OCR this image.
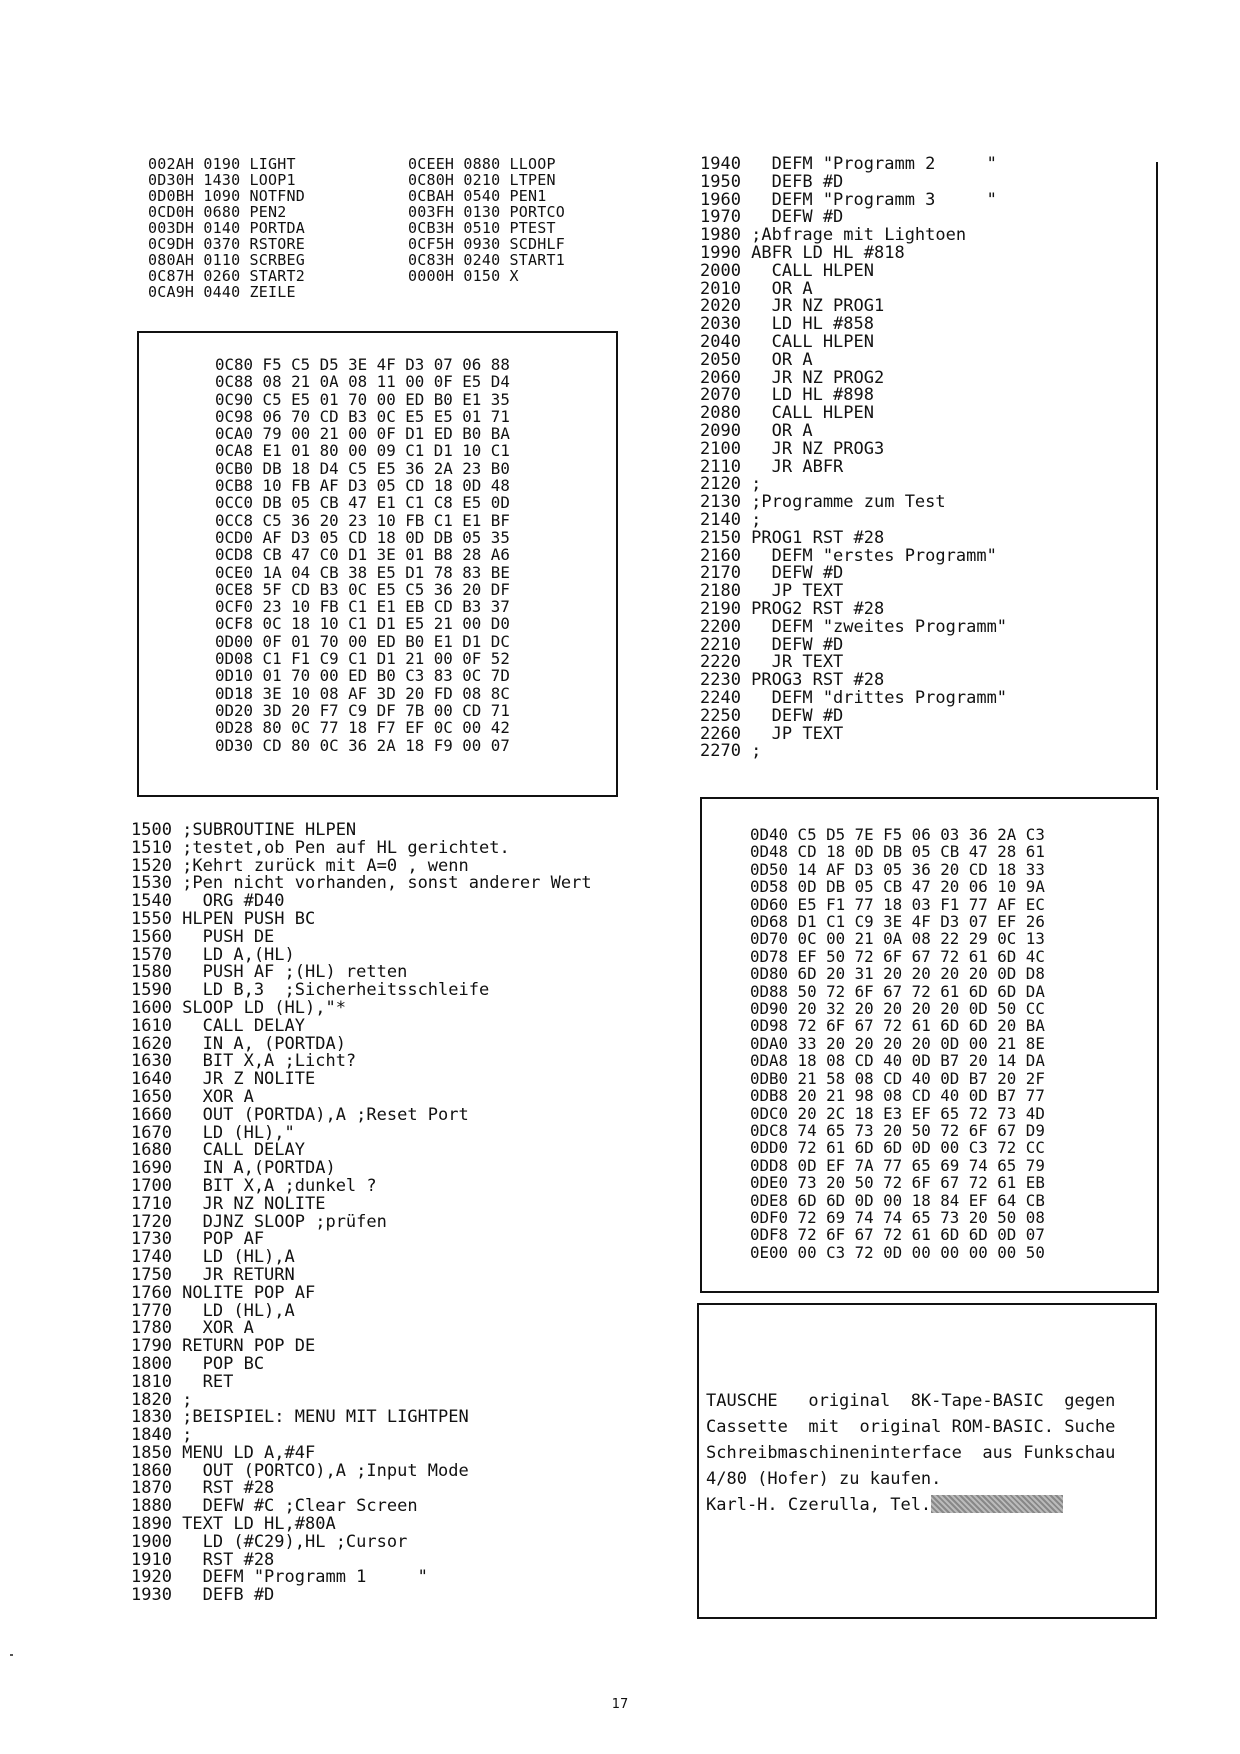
002AH 0190 LIGHT	0CEEH 0880 LLOOP
0D30H 1430 LOOP1	0C80H 0210 LTPEN
0D0BH 1090 NOTFND	0CBAH 0540 PEN1
0CD0H 0680 PEN2	003FH 0130 PORTCO
003DH 0140 PORTDA	0CB3H 0510 PTEST
0C9DH 0370 RSTORE	0CF5H 0930 SCDHLF
080AH 0110 SCRBEG	0C83H 0240 START1
0C87H 0260 START2	0000H 0150 X
0CA9H 0440 ZEILE
0C80 F5 C5 D5 3E 4F D3 07 06 88
0C88 08 21 0A 08 11 00 0F E5 D4
0C90 C5 E5 01 70 00 ED B0 E1 35
0C98 06 70 CD B3 0C E5 E5 01 71
0CA0 79 00 21 00 0F D1 ED B0 BA
0CA8 E1 01 80 00 09 C1 D1 10 C1
0CB0 DB 18 D4 C5 E5 36 2A 23 B0
0CB8 10 FB AF D3 05 CD 18 0D 48
0CC0 DB 05 CB 47 E1 C1 C8 E5 0D
0CC8 C5 36 20 23 10 FB C1 E1 BF
0CD0 AF D3 05 CD 18 0D DB 05 35
0CD8 CB 47 C0 D1 3E 01 B8 28 A6
0CE0 1A 04 CB 38 E5 D1 78 83 BE
0CE8 5F CD B3 0C E5 C5 36 20 DF
0CF0 23 10 FB C1 E1 EB CD B3 37
0CF8 0C 18 10 C1 D1 E5 21 00 D0
0D00 0F 01 70 00 ED B0 E1 D1 DC
0D08 C1 F1 C9 C1 D1 21 00 0F 52
0D10 01 70 00 ED B0 C3 83 0C 7D
0D18 3E 10 08 AF 3D 20 FD 08 8C
0D20 3D 20 F7 C9 DF 7B 00 CD 71
0D28 80 0C 77 18 F7 EF 0C 00 42
0D30 CD 80 0C 36 2A 18 F9 00 07
1500 ;SUBROUTINE HLPEN
1510 ;testet,ob Pen auf HL gerichtet.
1520 ;Kehrt zurück mit A=0 , wenn
1530 ;Pen nicht vorhanden, sonst anderer Wert
1540   ORG #D40
1550 HLPEN PUSH BC
1560   PUSH DE
1570   LD A,(HL)
1580   PUSH AF ;(HL) retten
1590   LD B,3  ;Sicherheitsschleife
1600 SLOOP LD (HL),"*
1610   CALL DELAY
1620   IN A, (PORTDA)
1630   BIT X,A ;Licht?
1640   JR Z NOLITE
1650   XOR A
1660   OUT (PORTDA),A ;Reset Port
1670   LD (HL),"
1680   CALL DELAY
1690   IN A,(PORTDA)
1700   BIT X,A ;dunkel ?
1710   JR NZ NOLITE
1720   DJNZ SLOOP ;prüfen
1730   POP AF
1740   LD (HL),A
1750   JR RETURN
1760 NOLITE POP AF
1770   LD (HL),A
1780   XOR A
1790 RETURN POP DE
1800   POP BC
1810   RET
1820 ;
1830 ;BEISPIEL: MENU MIT LIGHTPEN
1840 ;
1850 MENU LD A,#4F
1860   OUT (PORTCO),A ;Input Mode
1870   RST #28
1880   DEFW #C ;Clear Screen
1890 TEXT LD HL,#80A
1900   LD (#C29),HL ;Cursor
1910   RST #28
1920   DEFM "Programm 1     "
1930   DEFB #D
1940   DEFM "Programm 2     "
1950   DEFB #D
1960   DEFM "Programm 3     "
1970   DEFW #D
1980 ;Abfrage mit Lightoen
1990 ABFR LD HL #818
2000   CALL HLPEN
2010   OR A
2020   JR NZ PROG1
2030   LD HL #858
2040   CALL HLPEN
2050   OR A
2060   JR NZ PROG2
2070   LD HL #898
2080   CALL HLPEN
2090   OR A
2100   JR NZ PROG3
2110   JR ABFR
2120 ;
2130 ;Programme zum Test
2140 ;
2150 PROG1 RST #28
2160   DEFM "erstes Programm"
2170   DEFW #D
2180   JP TEXT
2190 PROG2 RST #28
2200   DEFM "zweites Programm"
2210   DEFW #D
2220   JR TEXT
2230 PROG3 RST #28
2240   DEFM "drittes Programm"
2250   DEFW #D
2260   JP TEXT
2270 ;
0D40 C5 D5 7E F5 06 03 36 2A C3
0D48 CD 18 0D DB 05 CB 47 28 61
0D50 14 AF D3 05 36 20 CD 18 33
0D58 0D DB 05 CB 47 20 06 10 9A
0D60 E5 F1 77 18 03 F1 77 AF EC
0D68 D1 C1 C9 3E 4F D3 07 EF 26
0D70 0C 00 21 0A 08 22 29 0C 13
0D78 EF 50 72 6F 67 72 61 6D 4C
0D80 6D 20 31 20 20 20 20 0D D8
0D88 50 72 6F 67 72 61 6D 6D DA
0D90 20 32 20 20 20 20 0D 50 CC
0D98 72 6F 67 72 61 6D 6D 20 BA
0DA0 33 20 20 20 20 0D 00 21 8E
0DA8 18 08 CD 40 0D B7 20 14 DA
0DB0 21 58 08 CD 40 0D B7 20 2F
0DB8 20 21 98 08 CD 40 0D B7 77
0DC0 20 2C 18 E3 EF 65 72 73 4D
0DC8 74 65 73 20 50 72 6F 67 D9
0DD0 72 61 6D 6D 0D 00 C3 72 CC
0DD8 0D EF 7A 77 65 69 74 65 79
0DE0 73 20 50 72 6F 67 72 61 EB
0DE8 6D 6D 0D 00 18 84 EF 64 CB
0DF0 72 69 74 74 65 73 20 50 08
0DF8 72 6F 67 72 61 6D 6D 0D 07
0E00 00 C3 72 0D 00 00 00 00 50
TAUSCHE   original  8K-Tape-BASIC  gegen
Cassette  mit  original ROM-BASIC. Suche
Schreibmaschineninterface  aus Funkschau
4/80 (Hofer) zu kaufen.
Karl-H. Czerulla, Tel.
17
